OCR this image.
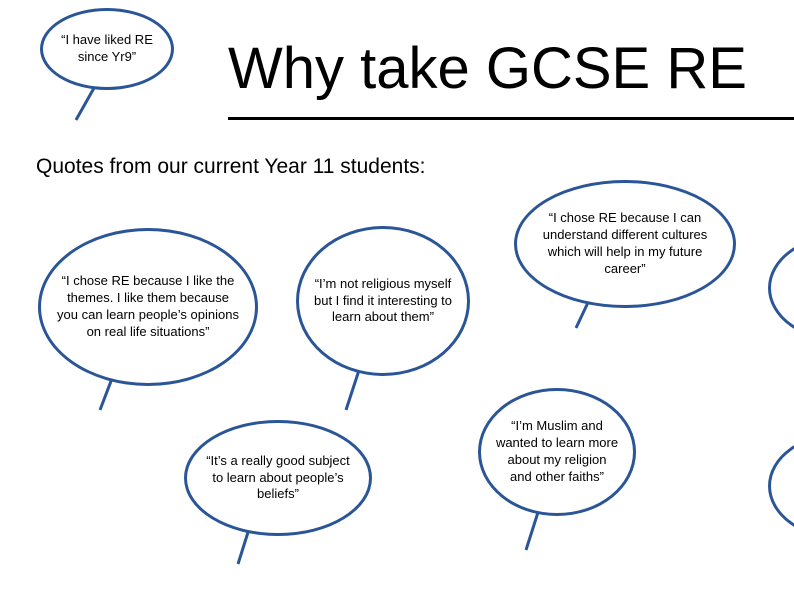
Why take GCSE RE
Quotes from our current Year 11 students:
“I have liked RE since Yr9”
“I chose RE because I like the themes. I like them because you can learn people’s opinions on real life situations”
“I’m not religious myself but I find it interesting to learn about them”
“I chose RE because I can understand different cultures which will help in my future career”
“It’s a really good subject to learn about people’s beliefs”
“I’m Muslim and wanted to learn more about my religion and other faiths”
